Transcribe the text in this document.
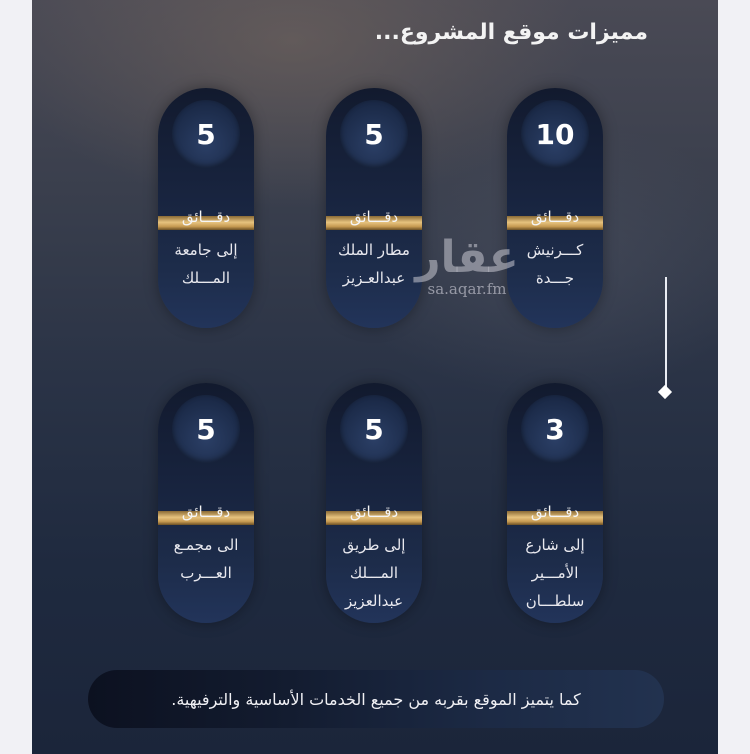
مميزات موقع المشروع...
10
دقـــائق
كـــرنيش
جـــدة
5
دقـــائق
مطار الملك
عبدالعـزيز
5
دقـــائق
إلى جامعة
المـــلك
3
دقـــائق
إلى شارع
الأمـــير
سلطـــان
5
دقـــائق
إلى طريق
المـــلك
عبدالعزيز
5
دقـــائق
الى مجمـع
العـــرب
عقار
sa.aqar.fm
كما يتميز الموقع بقربه من جميع الخدمات الأساسية والترفيهية.
